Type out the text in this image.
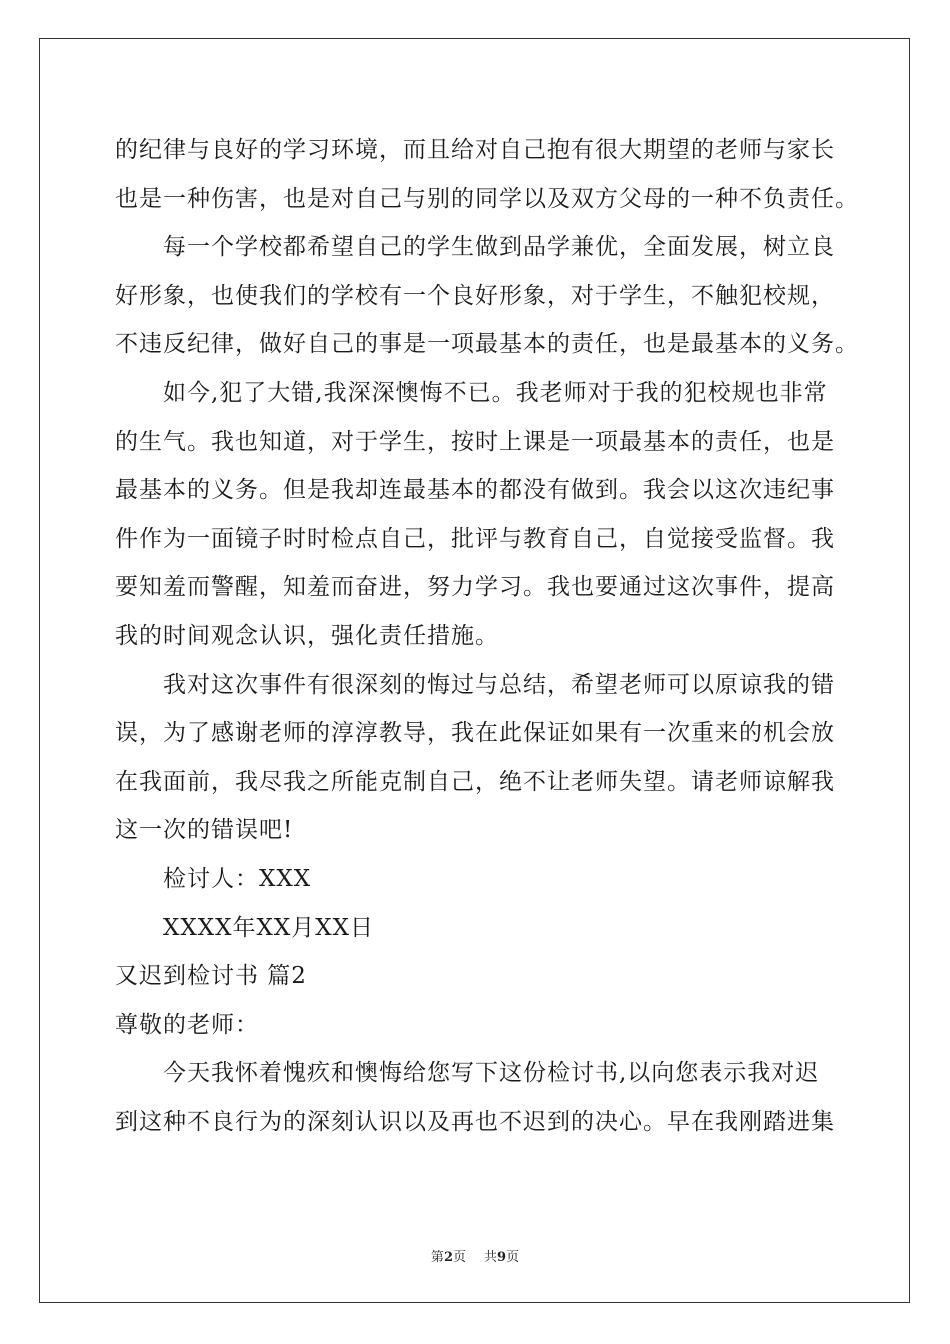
的纪律与良好的学习环境，而且给对自己抱有很大期望的老师与家长
也是一种伤害，也是对自己与别的同学以及双方父母的一种不负责任。
每一个学校都希望自己的学生做到品学兼优，全面发展，树立良
好形象，也使我们的学校有一个良好形象，对于学生，不触犯校规，
不违反纪律，做好自己的事是一项最基本的责任，也是最基本的义务。
如今,犯了大错,我深深懊悔不已。我老师对于我的犯校规也非常
的生气。我也知道，对于学生，按时上课是一项最基本的责任，也是
最基本的义务。但是我却连最基本的都没有做到。我会以这次违纪事
件作为一面镜子时时检点自己，批评与教育自己，自觉接受监督。我
要知羞而警醒，知羞而奋进，努力学习。我也要通过这次事件，提高
我的时间观念认识，强化责任措施。
我对这次事件有很深刻的悔过与总结，希望老师可以原谅我的错
误，为了感谢老师的淳淳教导，我在此保证如果有一次重来的机会放
在我面前，我尽我之所能克制自己，绝不让老师失望。请老师谅解我
这一次的错误吧!
检讨人：XXX
XXXX年XX月XX日
又迟到检讨书 篇2
尊敬的老师：
今天我怀着愧疚和懊悔给您写下这份检讨书,以向您表示我对迟
到这种不良行为的深刻认识以及再也不迟到的决心。早在我刚踏进集
第2页 共9页
